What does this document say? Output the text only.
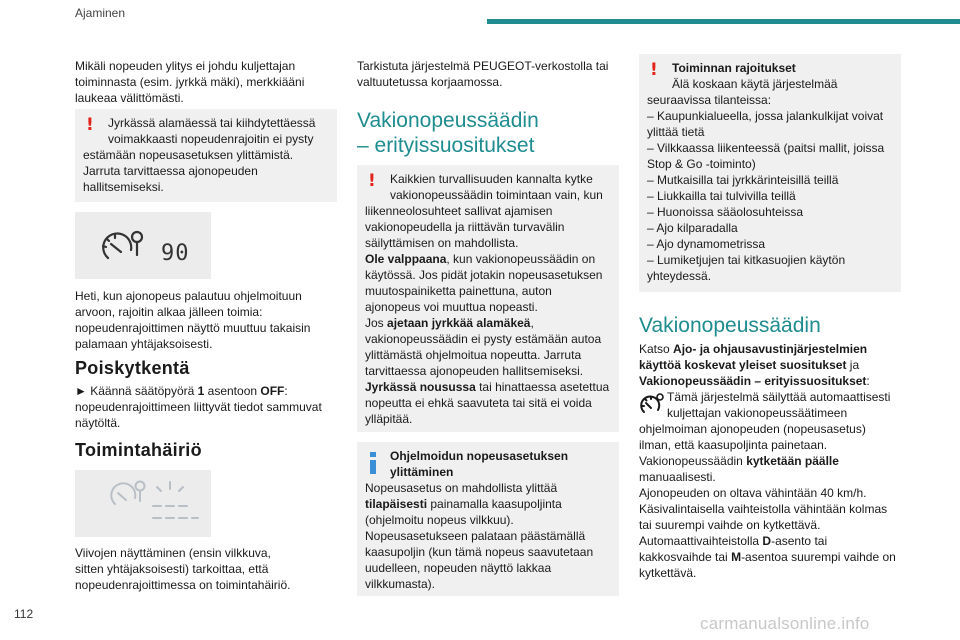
Ajaminen

Mikäli nopeuden ylitys ei johdu kuljettajan

toiminnasta (esim. jyrkkä mäki), merkkiääni

laukeaa välittömästi.

!	Jyrkässä alamäessä tai kiihdytettäessä

voimakkaasti nopeudenrajoitin ei pysty

estämään nopeusasetuksen ylittämistä.

Jarruta tarvittaessa ajonopeuden

hallitsemiseksi.

90

Heti, kun ajonopeus palautuu ohjelmoituun

arvoon, rajoitin alkaa jälleen toimia:

nopeudenrajoittimen näyttö muuttuu takaisin

palamaan yhtäjaksoisesti.

Poiskytkentä

► Käännä säätöpyörä 1 asentoon OFF:

nopeudenrajoittimeen liittyvät tiedot sammuvat

näytöltä.

Toimintahäiriö

Viivojen näyttäminen (ensin vilkkuva,

sitten yhtäjaksoisesti) tarkoittaa, että

nopeudenrajoittimessa on toimintahäiriö.

Tarkistuta järjestelmä PEUGEOT-verkostolla tai

valtuutetussa korjaamossa.

Vakionopeussäädin
– erityissuositukset
!	Kaikkien turvallisuuden kannalta kytke

vakionopeussäädin toimintaan vain, kun

liikenneolosuhteet sallivat ajamisen

vakionopeudella ja riittävän turvavälin

säilyttämisen on mahdollista.

Ole valppaana, kun vakionopeussäädin on

käytössä. Jos pidät jotakin nopeusasetuksen

muutospainiketta painettuna, auton

ajonopeus voi muuttua nopeasti.

Jos ajetaan jyrkkää alamäkeä,

vakionopeussäädin ei pysty estämään autoa

ylittämästä ohjelmoitua nopeutta. Jarruta

tarvittaessa ajonopeuden hallitsemiseksi.

Jyrkässä nousussa tai hinattaessa asetettua

nopeutta ei ehkä saavuteta tai sitä ei voida

ylläpitää.

Ohjelmoidun nopeusasetuksen

ylittäminen

Nopeusasetus on mahdollista ylittää

tilapäisesti painamalla kaasupoljinta

(ohjelmoitu nopeus vilkkuu).

Nopeusasetukseen palataan päästämällä

kaasupoljin (kun tämä nopeus saavutetaan

uudelleen, nopeuden näyttö lakkaa

vilkkumasta).

!	Toiminnan rajoitukset

Älä koskaan käytä järjestelmää

seuraavissa tilanteissa:

– Kaupunkialueella, jossa jalankulkijat voivat

ylittää tietä

– Vilkkaassa liikenteessä (paitsi mallit, joissa

Stop & Go -toiminto)

– Mutkaisilla tai jyrkkärinteisillä teillä

– Liukkailla tai tulvivilla teillä

– Huonoissa sääolosuhteissa

– Ajo kilparadalla

– Ajo dynamometrissa

– Lumiketjujen tai kitkasuojien käytön

yhteydessä.

Vakionopeussäädin

Katso Ajo- ja ohjausavustinjärjestelmien

käyttöä koskevat yleiset suositukset ja

Vakionopeussäädin – erityissuositukset:

Tämä järjestelmä säilyttää automaattisesti

kuljettajan vakionopeussäätimeen

ohjelmoiman ajonopeuden (nopeusasetus)

ilman, että kaasupoljinta painetaan.

Vakionopeussäädin kytketään päälle

manuaalisesti.

Ajonopeuden on oltava vähintään 40 km/h.

Käsivalintaisella vaihteistolla vähintään kolmas

tai suurempi vaihde on kytkettävä.

Automaattivaihteistolla D-asento tai

kakkosvaihde tai M-asentoa suurempi vaihde on

kytkettävä.

112	carmanualsonline.info
